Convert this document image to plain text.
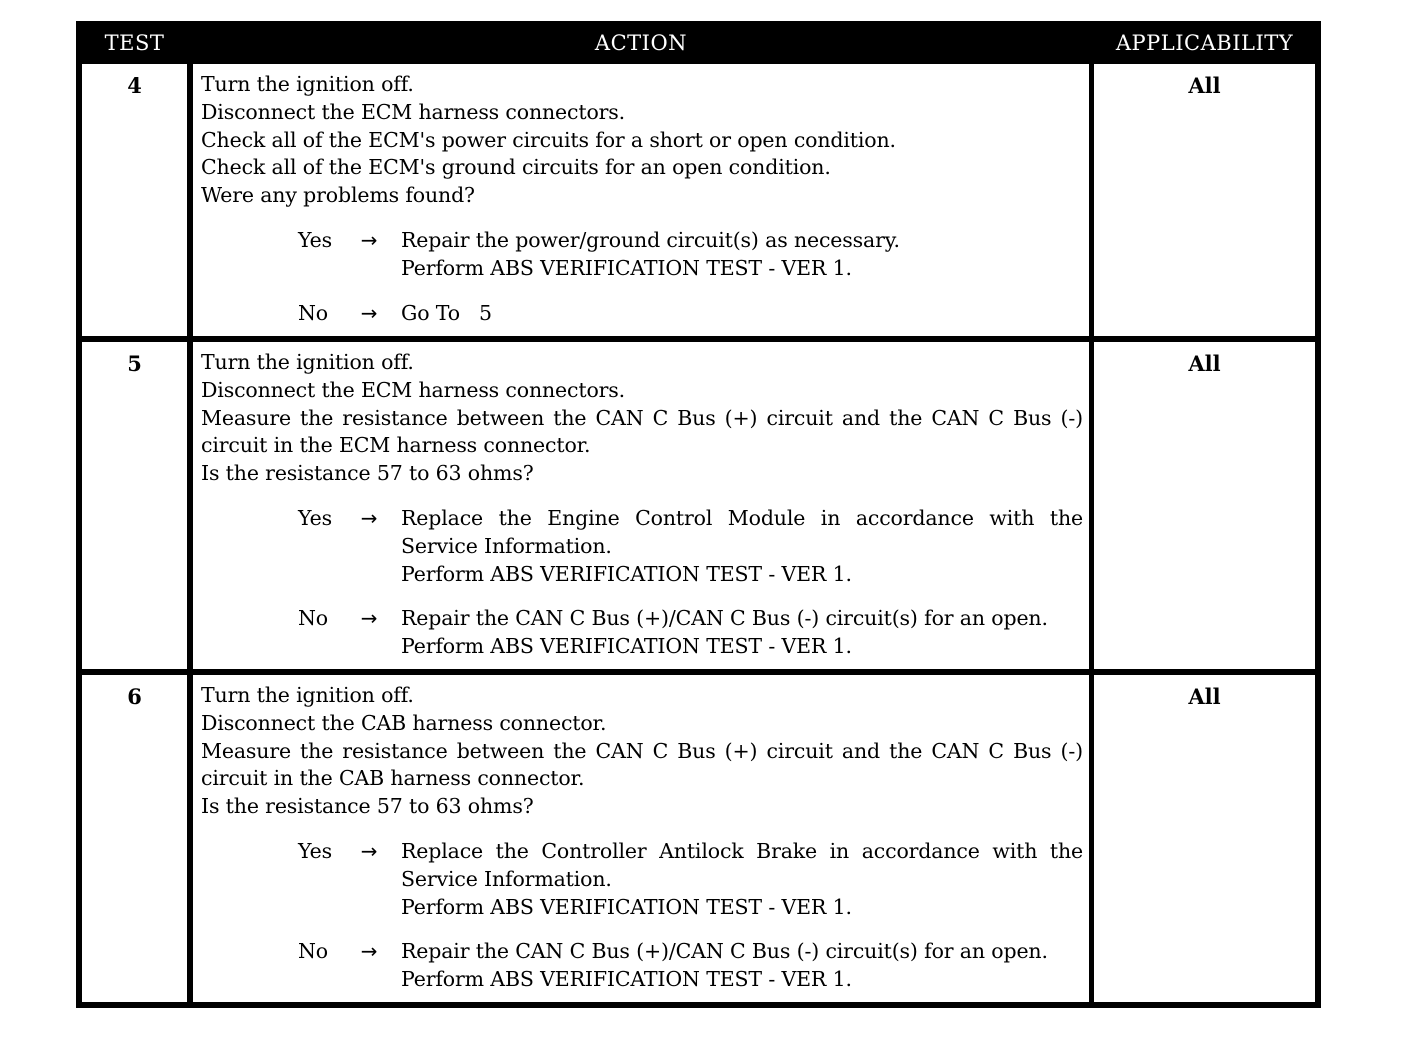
TEST	ACTION	APPLICABILITY
4	Turn the ignition off.
Disconnect the ECM harness connectors.
Check all of the ECM's power circuits for a short or open condition.
Check all of the ECM's ground circuits for an open condition.
Were any problems found?
Yes	→	Repair the power/ground circuit(s) as necessary.
Perform ABS VERIFICATION TEST - VER 1.
No	→	Go To   5
All
5	Turn the ignition off.
Disconnect the ECM harness connectors.
Measure the resistance between the CAN C Bus (+) circuit and the CAN C Bus (-) circuit in the ECM harness connector.
Is the resistance 57 to 63 ohms?
Yes	→	Replace the Engine Control Module in accordance with the Service Information.
Perform ABS VERIFICATION TEST - VER 1.
No	→	Repair the CAN C Bus (+)/CAN C Bus (-) circuit(s) for an open.
Perform ABS VERIFICATION TEST - VER 1.
All
6	Turn the ignition off.
Disconnect the CAB harness connector.
Measure the resistance between the CAN C Bus (+) circuit and the CAN C Bus (-) circuit in the CAB harness connector.
Is the resistance 57 to 63 ohms?
Yes	→	Replace the Controller Antilock Brake in accordance with the Service Information.
Perform ABS VERIFICATION TEST - VER 1.
No	→	Repair the CAN C Bus (+)/CAN C Bus (-) circuit(s) for an open.
Perform ABS VERIFICATION TEST - VER 1.
All
